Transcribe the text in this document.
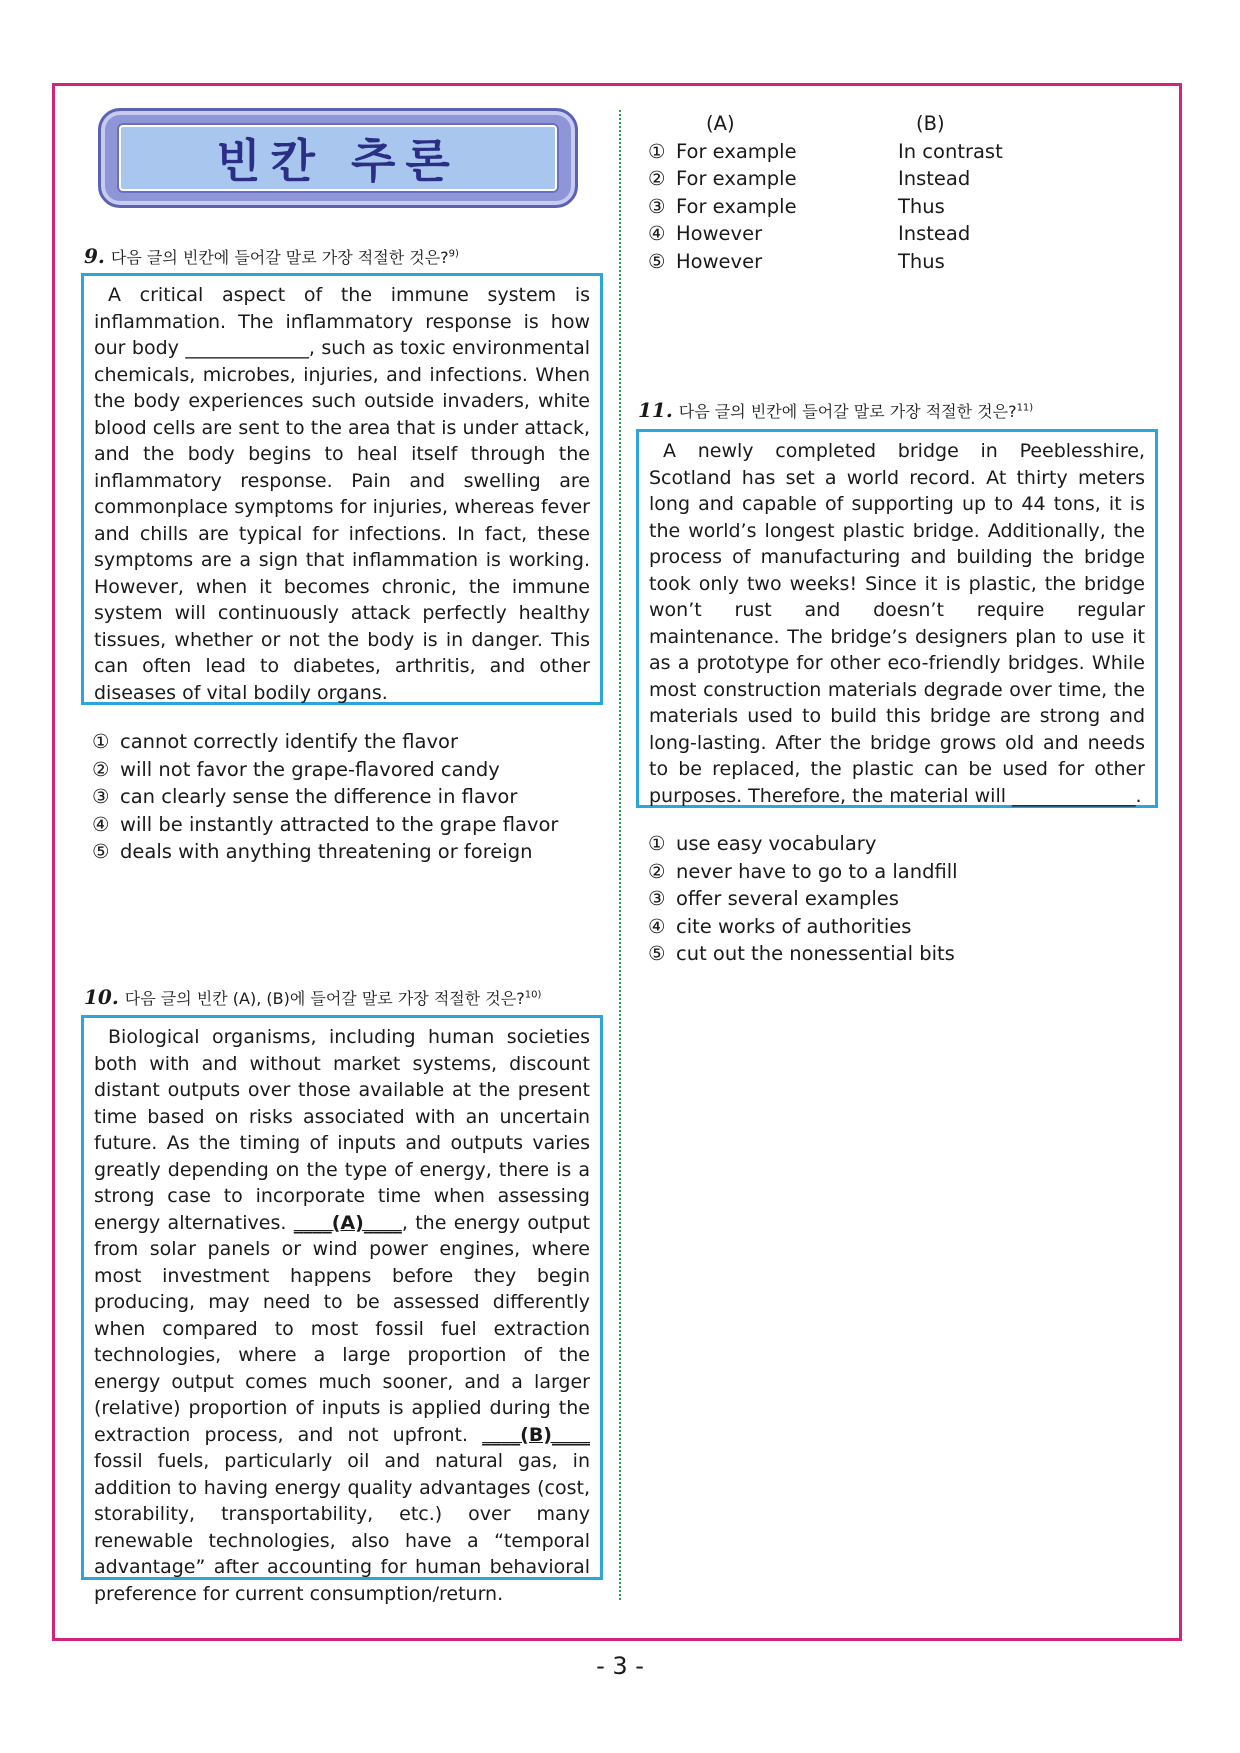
빈칸 추론
9. 다음 글의 빈칸에 들어갈 말로 가장 적절한 것은?$^{9)}$
A critical aspect of the immune system is inflammation. The inflammatory response is how our body _____________, such as toxic environmental chemicals, microbes, injuries, and infections. When the body experiences such outside invaders, white blood cells are sent to the area that is under attack, and the body begins to heal itself through the inflammatory response. Pain and swelling are commonplace symptoms for injuries, whereas fever and chills are typical for infections. In fact, these symptoms are a sign that inflammation is working. However, when it becomes chronic, the immune system will continuously attack perfectly healthy tissues, whether or not the body is in danger. This can often lead to diabetes, arthritis, and other diseases of vital bodily organs.
① cannot correctly identify the flavor
② will not favor the grape-flavored candy
③ can clearly sense the difference in flavor
④ will be instantly attracted to the grape flavor
⑤ deals with anything threatening or foreign
10. 다음 글의 빈칸 (A), (B)에 들어갈 말로 가장 적절한 것은?$^{10)}$
Biological organisms, including human societies both with and without market systems, discount distant outputs over those available at the present time based on risks associated with an uncertain future. As the timing of inputs and outputs varies greatly depending on the type of energy, there is a strong case to incorporate time when assessing energy alternatives. ____(A)____, the energy output from solar panels or wind power engines, where most investment happens before they begin producing, may need to be assessed differently when compared to most fossil fuel extraction technologies, where a large proportion of the energy output comes much sooner, and a larger (relative) proportion of inputs is applied during the extraction process, and not upfront. ____(B)____ fossil fuels, particularly oil and natural gas, in addition to having energy quality advantages (cost, storability, transportability, etc.) over many renewable technologies, also have a “temporal advantage” after accounting for human behavioral preference for current consumption/return.
(A)	(B)
① For example	In contrast
② For example	Instead
③ For example	Thus
④ However	Instead
⑤ However	Thus
11. 다음 글의 빈칸에 들어갈 말로 가장 적절한 것은?$^{11)}$
A newly completed bridge in Peeblesshire, Scotland has set a world record. At thirty meters long and capable of supporting up to 44 tons, it is the world’s longest plastic bridge. Additionally, the process of manufacturing and building the bridge took only two weeks! Since it is plastic, the bridge won’t rust and doesn’t require regular maintenance. The bridge’s designers plan to use it as a prototype for other eco-friendly bridges. While most construction materials degrade over time, the materials used to build this bridge are strong and long-lasting. After the bridge grows old and needs to be replaced, the plastic can be used for other purposes. Therefore, the material will _____________.
① use easy vocabulary
② never have to go to a landfill
③ offer several examples
④ cite works of authorities
⑤ cut out the nonessential bits
- 3 -
